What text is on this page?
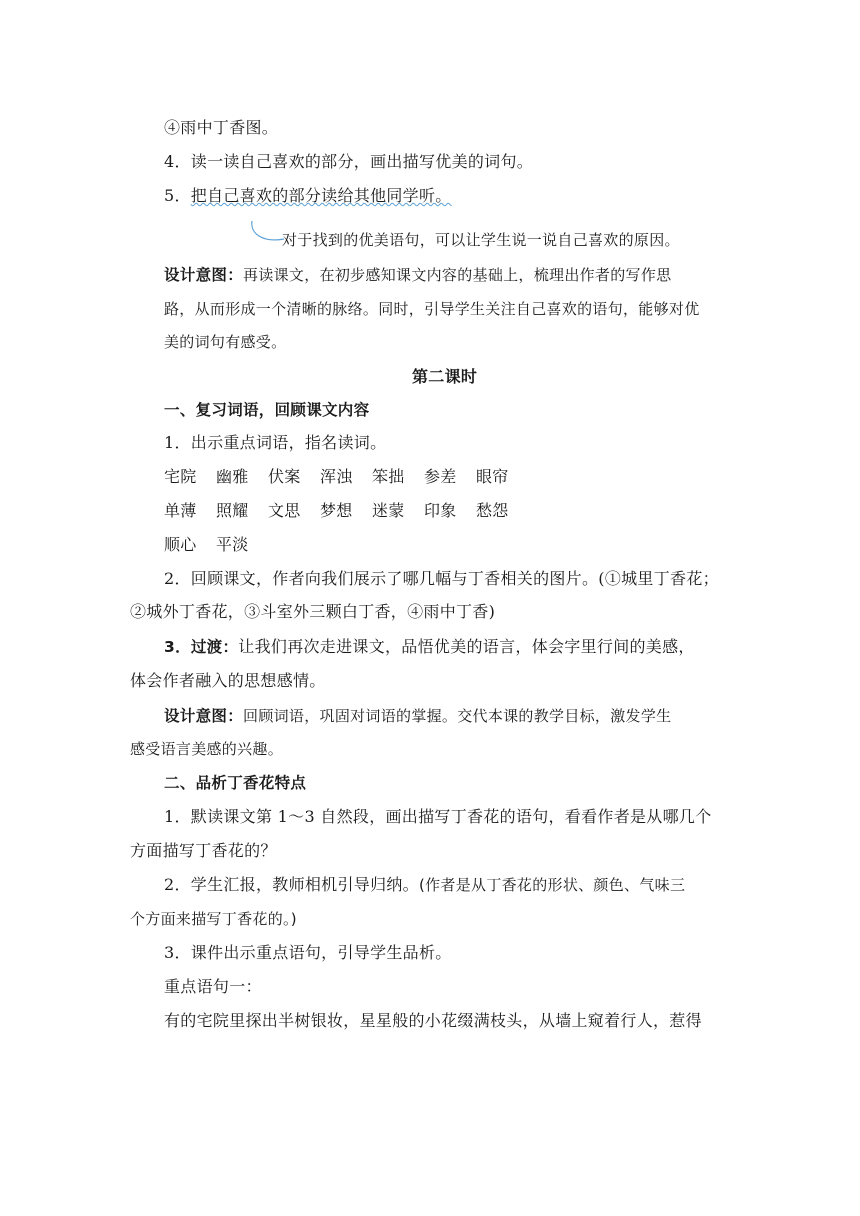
④雨中丁香图。
4．读一读自己喜欢的部分，画出描写优美的词句。
5．把自己喜欢的部分读给其他同学听。
对于找到的优美语句，可以让学生说一说自己喜欢的原因。
设计意图：再读课文，在初步感知课文内容的基础上，梳理出作者的写作思
路，从而形成一个清晰的脉络。同时，引导学生关注自己喜欢的语句，能够对优
美的词句有感受。
第二课时
一、复习词语，回顾课文内容
1．出示重点词语，指名读词。
宅院 幽雅 伏案 浑浊 笨拙 参差 眼帘
单薄 照耀 文思 梦想 迷蒙 印象 愁怨
顺心 平淡
2．回顾课文，作者向我们展示了哪几幅与丁香相关的图片。(①城里丁香花；
②城外丁香花，③斗室外三颗白丁香，④雨中丁香)
3．过渡：让我们再次走进课文，品悟优美的语言，体会字里行间的美感，
体会作者融入的思想感情。
设计意图：回顾词语，巩固对词语的掌握。交代本课的教学目标，激发学生
感受语言美感的兴趣。
二、品析丁香花特点
1．默读课文第 1～3 自然段，画出描写丁香花的语句，看看作者是从哪几个
方面描写丁香花的？
2．学生汇报，教师相机引导归纳。(作者是从丁香花的形状、颜色、气味三
个方面来描写丁香花的。)
3．课件出示重点语句，引导学生品析。
重点语句一：
有的宅院里探出半树银妆，星星般的小花缀满枝头，从墙上窥着行人，惹得
